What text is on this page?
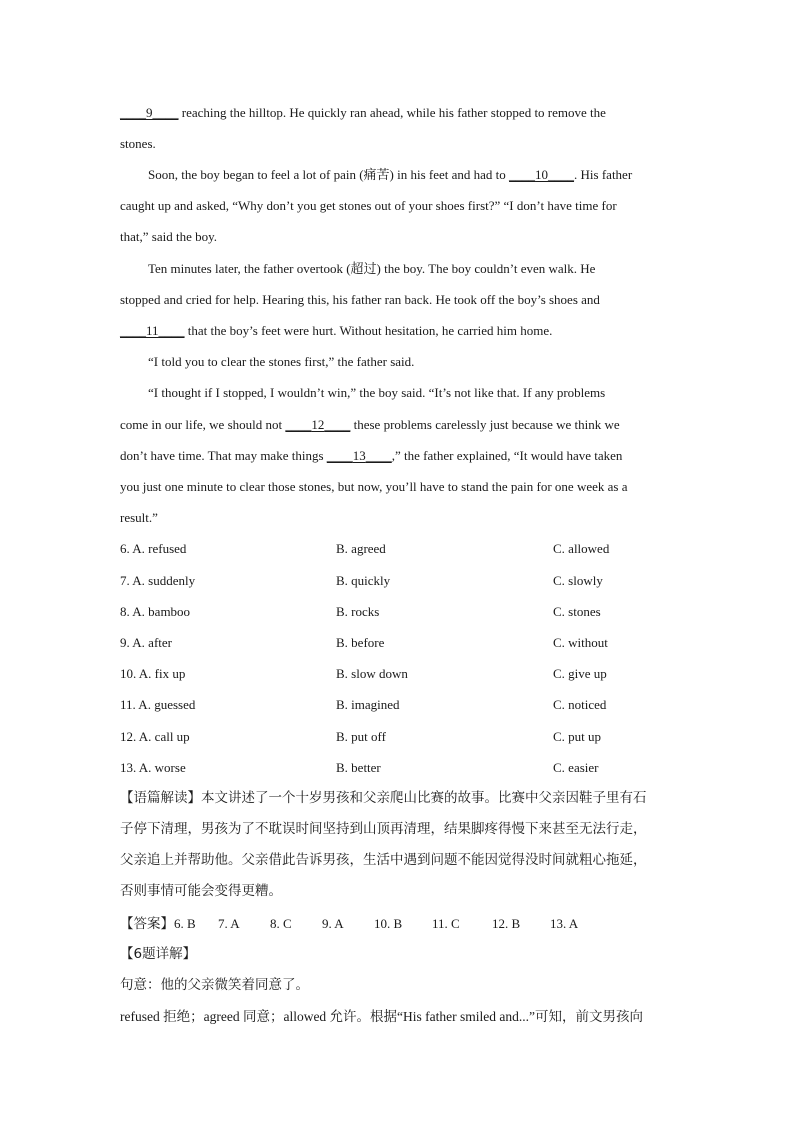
____9____ reaching the hilltop. He quickly ran ahead, while his father stopped to remove the
stones.
Soon, the boy began to feel a lot of pain (痛苦) in his feet and had to ____10____. His father
caught up and asked, “Why don’t you get stones out of your shoes first?” “I don’t have time for
that,” said the boy.
Ten minutes later, the father overtook (超过) the boy. The boy couldn’t even walk. He
stopped and cried for help. Hearing this, his father ran back. He took off the boy’s shoes and
____11____ that the boy’s feet were hurt. Without hesitation, he carried him home.
“I told you to clear the stones first,” the father said.
“I thought if I stopped, I wouldn’t win,” the boy said. “It’s not like that. If any problems
come in our life, we should not ____12____ these problems carelessly just because we think we
don’t have time. That may make things ____13____,” the father explained, “It would have taken
you just one minute to clear those stones, but now, you’ll have to stand the pain for one week as a
result.”
6. A. refused	B. agreed	C. allowed
7. A. suddenly	B. quickly	C. slowly
8. A. bamboo	B. rocks	C. stones
9. A. after	B. before	C. without
10. A. fix up	B. slow down	C. give up
11. A. guessed	B. imagined	C. noticed
12. A. call up	B. put off	C. put up
13. A. worse	B. better	C. easier
【语篇解读】本文讲述了一个十岁男孩和父亲爬山比赛的故事。比赛中父亲因鞋子里有石
子停下清理，男孩为了不耽误时间坚持到山顶再清理，结果脚疼得慢下来甚至无法行走，
父亲追上并帮助他。父亲借此告诉男孩，生活中遇到问题不能因觉得没时间就粗心拖延，
否则事情可能会变得更糟。
【答案】6. B 7. A 8. C 9. A 10. B 11. C 12. B 13. A
【6题详解】
句意：他的父亲微笑着同意了。
refused 拒绝；agreed 同意；allowed 允许。根据“His father smiled and...”可知，前文男孩向
